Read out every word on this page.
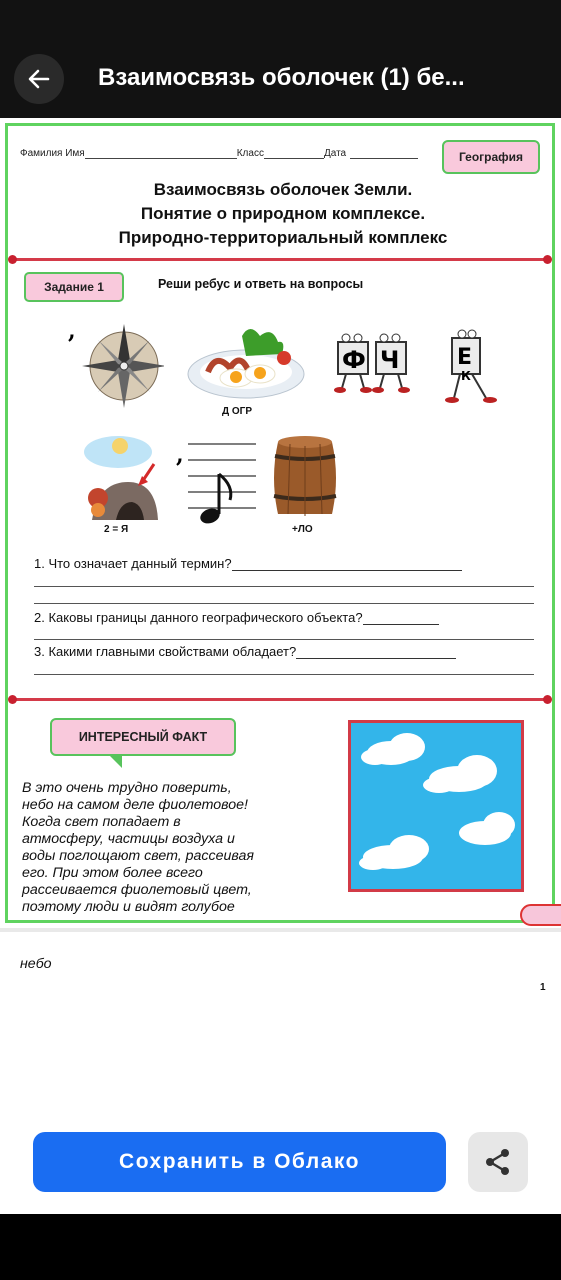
Взаимосвязь оболочек (1) бе...
Фамилия Имя	Класс	Дата	География
Взаимосвязь оболочек Земли.
Понятие о природном комплексе.
Природно-территориальный комплекс
Задание 1	Реши ребус и ответь на вопросы
,
Д ОГР
Ф Ч	Е
К
2 = Я
,
+ЛО
1. Что означает данный термин?
2. Каковы границы данного географического объекта?
3. Какими главными свойствами обладает?
ИНТЕРЕСНЫЙ ФАКТ
В этo очень тpудно повеpить,
небо на самом деле фиолетовое!
Когда свет попадаeт в
aтмосферу, частицы воздуха и
воды поглощают свет, рассеивая
его. При этом более всего
рассеиваетcя фиолетовый цвет,
поэтому люди и видят голубое
небо
1
Сохранить в Облако
